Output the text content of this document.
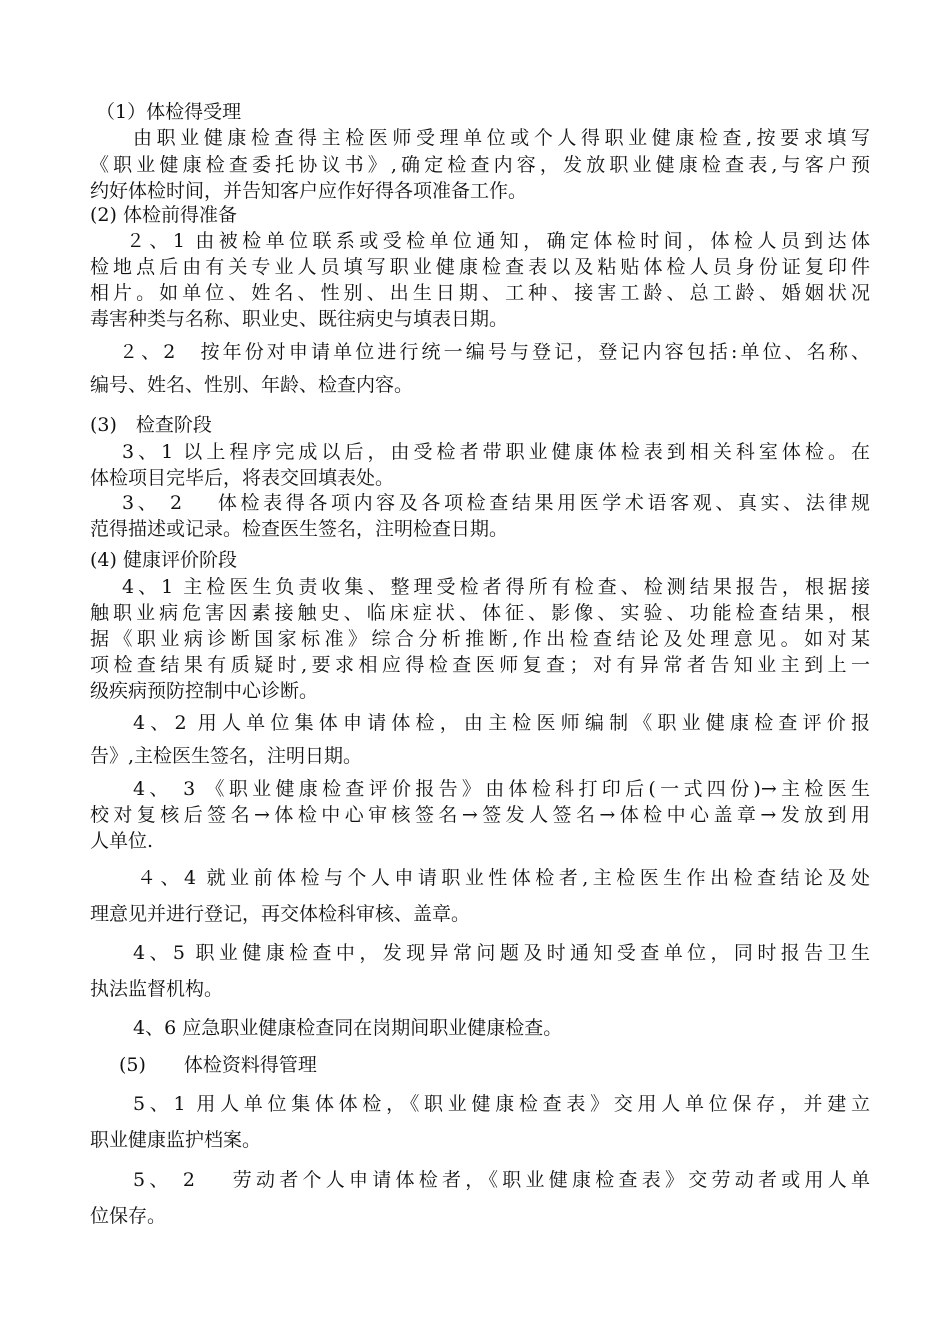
（1）体检得受理

由职业健康检查得主检医师受理单位或个人得职业健康检查,按要求填写

《职业健康检查委托协议书》,确定检查内容，发放职业健康检查表,与客户预

约好体检时间，并告知客户应作好得各项准备工作。

(2) 体检前得准备

２、1 由被检单位联系或受检单位通知，确定体检时间，体检人员到达体

检地点后由有关专业人员填写职业健康检查表以及粘贴体检人员身份证复印件

相片。如单位、姓名、性别、出生日期、工种、接害工龄、总工龄、婚姻状况

毒害种类与名称、职业史、既往病史与填表日期。

２、2　按年份对申请单位进行统一编号与登记，登记内容包括:单位、名称、

编号、姓名、性别、年龄、检查内容。

(3)　检查阶段

3、1 以上程序完成以后，由受检者带职业健康体检表到相关科室体检。在

体检项目完毕后，将表交回填表处。

3、 2　 体检表得各项内容及各项检查结果用医学术语客观、真实、法律规

范得描述或记录。检查医生签名，注明检查日期。

(4) 健康评价阶段

4、1 主检医生负责收集、整理受检者得所有检查、检测结果报告，根据接

触职业病危害因素接触史、临床症状、体征、影像、实验、功能检查结果，根

据《职业病诊断国家标准》综合分析推断,作出检查结论及处理意见。如对某

项检查结果有质疑时,要求相应得检查医师复查；对有异常者告知业主到上一

级疾病预防控制中心诊断。

4、2 用人单位集体申请体检，由主检医师编制《职业健康检查评价报

告》,主检医生签名，注明日期。

4、 3 《职业健康检查评价报告》由体检科打印后(一式四份)→主检医生

校对复核后签名→体检中心审核签名→签发人签名→体检中心盖章→发放到用

人单位.

４、4 就业前体检与个人申请职业性体检者,主检医生作出检查结论及处

理意见并进行登记，再交体检科审核、盖章。

4、5 职业健康检查中，发现异常问题及时通知受查单位，同时报告卫生

执法监督机构。

4、6 应急职业健康检查同在岗期间职业健康检查。

(5)　　体检资料得管理

5、1 用人单位集体体检，《职业健康检查表》交用人单位保存，并建立

职业健康监护档案。

5、 2　 劳动者个人申请体检者，《职业健康检查表》交劳动者或用人单

位保存。
